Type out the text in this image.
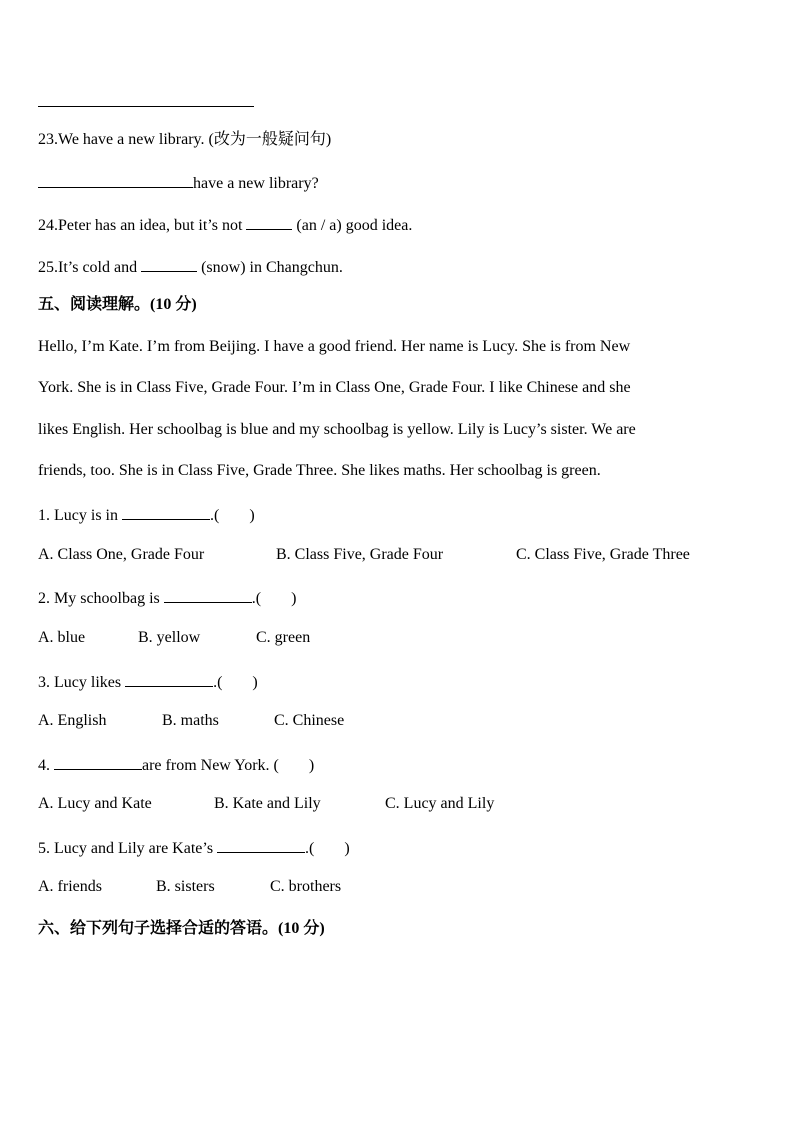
23.We have a new library. (改为一般疑问句)
have a new library?
24.Peter has an idea, but it’s not	(an / a) good idea.
25.It’s cold and	(snow) in Changchun.
五、阅读理解。(10 分)
Hello, I’m Kate. I’m from Beijing. I have a good friend. Her name is Lucy. She is from New
York. She is in Class Five, Grade Four. I’m in Class One, Grade Four. I like Chinese and she
likes English. Her schoolbag is blue and my schoolbag is yellow. Lily is Lucy’s sister. We are
friends, too. She is in Class Five, Grade Three. She likes maths. Her schoolbag is green.
1. Lucy is in	.( )
A. Class One, Grade Four	B. Class Five, Grade Four	C. Class Five, Grade Three
2. My schoolbag is	.( )
A. blue	B. yellow	C. green
3. Lucy likes	.( )
A. English	B. maths	C. Chinese
4.	are from New York. ( )
A. Lucy and Kate	B. Kate and Lily	C. Lucy and Lily
5. Lucy and Lily are Kate’s	.( )
A. friends	B. sisters	C. brothers
六、给下列句子选择合适的答语。(10 分)
